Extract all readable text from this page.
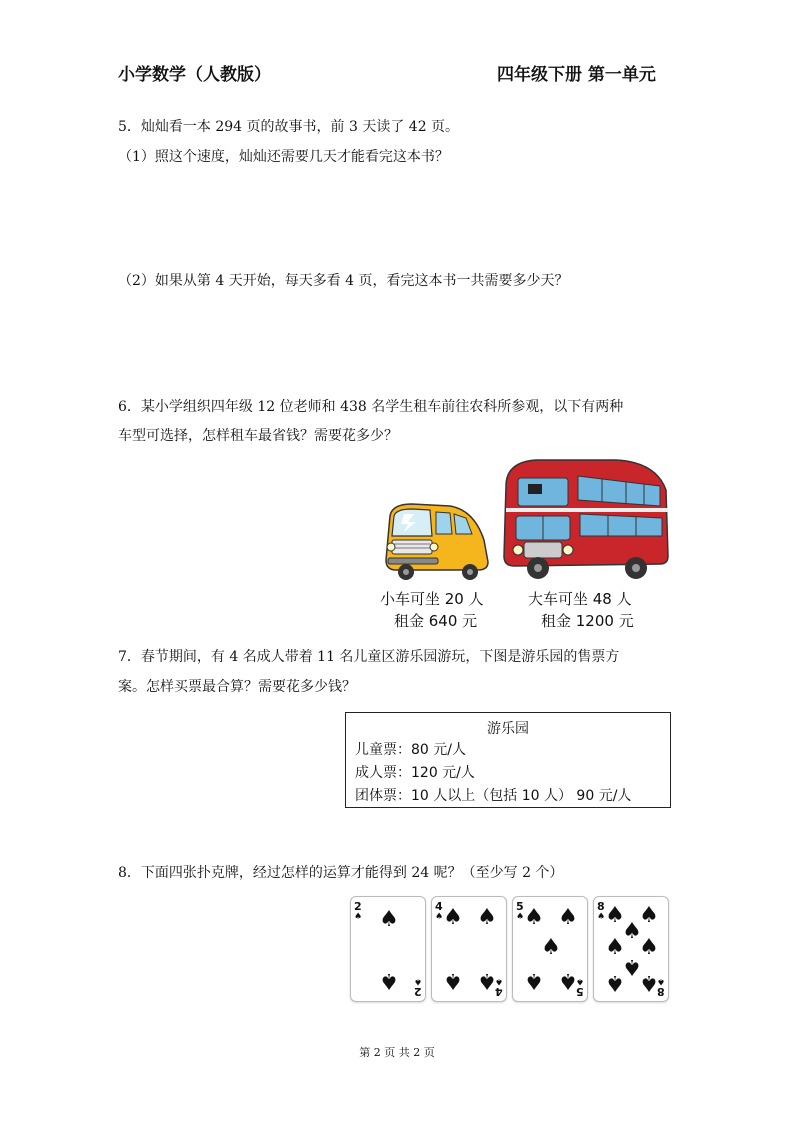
小学数学（人教版）	四年级下册 第一单元
5．灿灿看一本 294 页的故事书，前 3 天读了 42 页。
（1）照这个速度，灿灿还需要几天才能看完这本书？
（2）如果从第 4 天开始，每天多看 4 页，看完这本书一共需要多少天？
6．某小学组织四年级 12 位老师和 438 名学生租车前往农科所参观，以下有两种
车型可选择，怎样租车最省钱？需要花多少？
小车可坐 20 人
租金 640 元
大车可坐 48 人
租金 1200 元
7．春节期间，有 4 名成人带着 11 名儿童区游乐园游玩，下图是游乐园的售票方
案。怎样买票最合算？需要花多少钱？
游乐园
儿童票：80 元/人
成人票：120 元/人
团体票：10 人以上（包括 10 人） 90 元/人
8．下面四张扑克牌，经过怎样的运算才能得到 24 呢？（至少写 2 个）
2
♠ ♠
♠ ♠
2
4
♠ ♠ ♠
♠ ♠
♠
4
5
♠ ♠ ♠
♠
♠ ♠
♠
5
8
♠ ♠ ♠
♠
♠ ♠
♠
♠ ♠
♠
8
第 2 页 共 2 页
